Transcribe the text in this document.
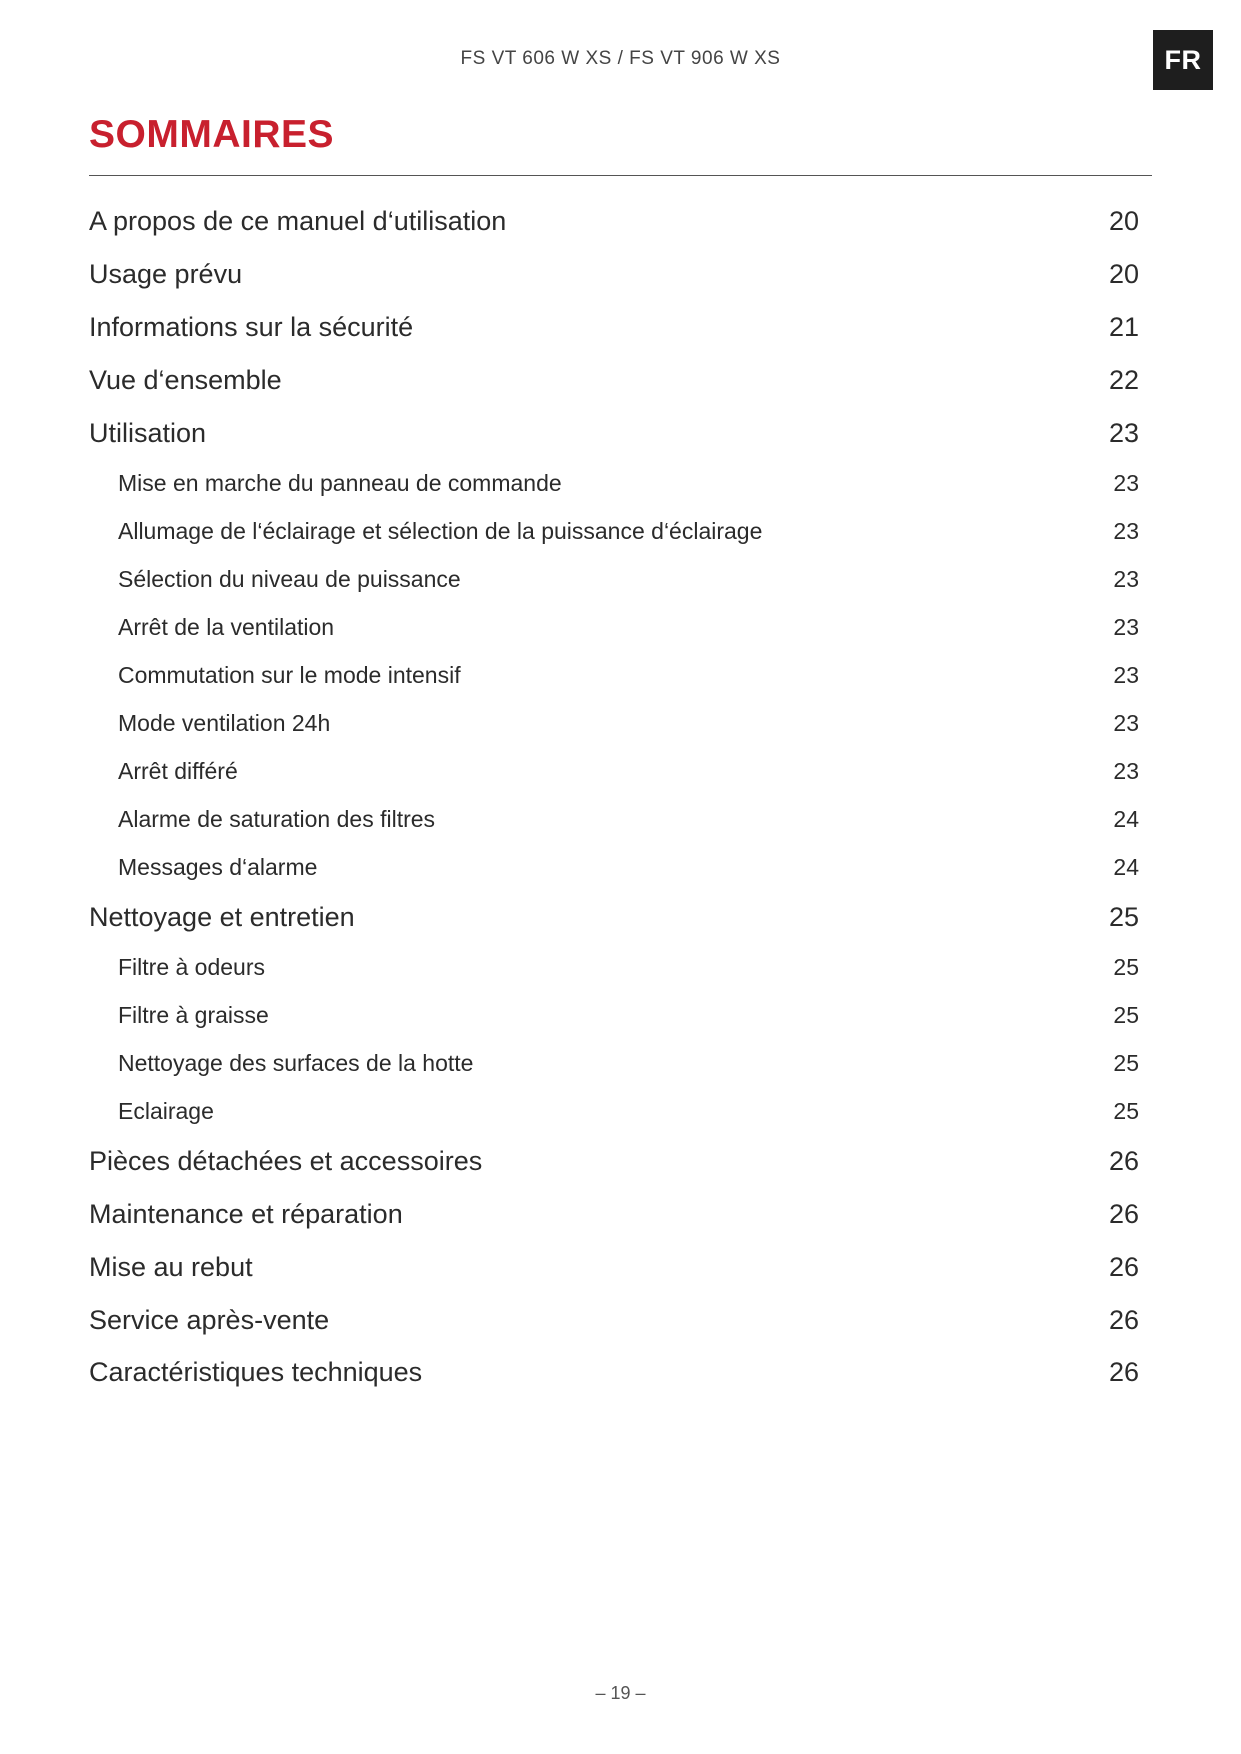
FS VT 606 W XS / FS VT 906 W XS	FR
SOMMAIRES
A propos de ce manuel d‘utilisation	20
Usage prévu	20
Informations sur la sécurité	21
Vue d‘ensemble	22
Utilisation	23
Mise en marche du panneau de commande	23
Allumage de l‘éclairage et sélection de la puissance d‘éclairage	23
Sélection du niveau de puissance	23
Arrêt de la ventilation	23
Commutation sur le mode intensif	23
Mode ventilation 24h	23
Arrêt différé	23
Alarme de saturation des filtres	24
Messages d‘alarme	24
Nettoyage et entretien	25
Filtre à odeurs	25
Filtre à graisse	25
Nettoyage des surfaces de la hotte	25
Eclairage	25
Pièces détachées et accessoires	26
Maintenance et réparation	26
Mise au rebut	26
Service après-vente	26
Caractéristiques techniques	26
– 19 –
